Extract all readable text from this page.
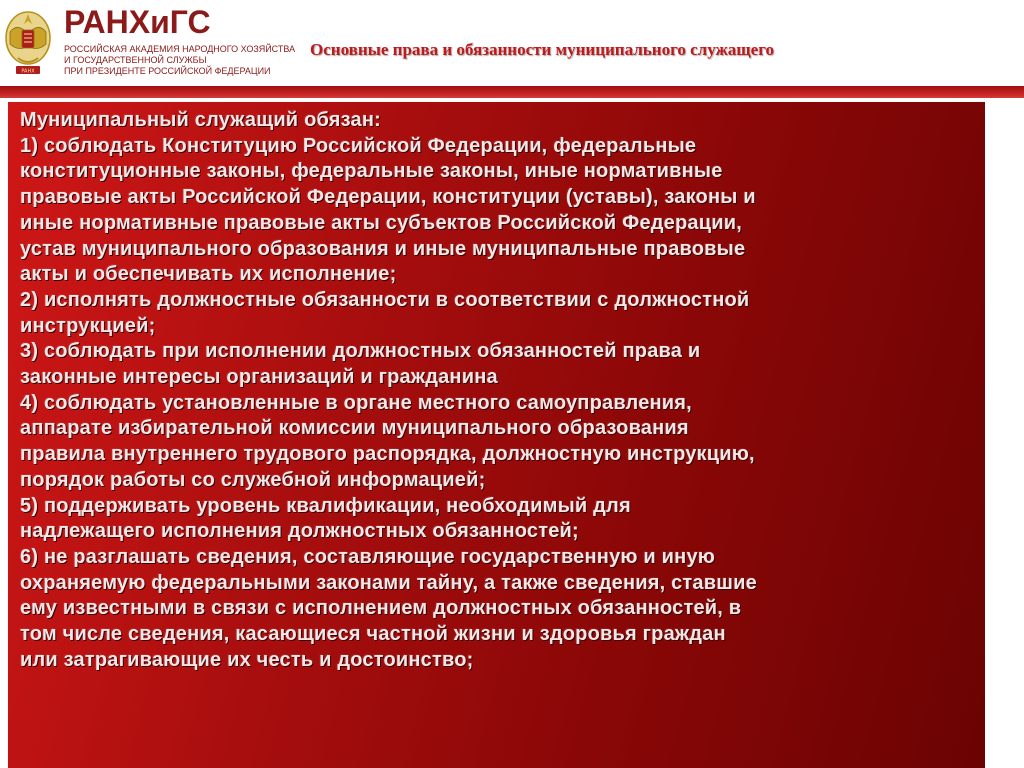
PAHX
РАНХиГС
РОССИЙСКАЯ АКАДЕМИЯ НАРОДНОГО ХОЗЯЙСТВА
И ГОСУДАРСТВЕННОЙ СЛУЖБЫ
ПРИ ПРЕЗИДЕНТЕ РОССИЙСКОЙ ФЕДЕРАЦИИ
Основные права и обязанности муниципального служащего
Муниципальный служащий обязан:
1) соблюдать Конституцию Российской Федерации, федеральные
конституционные законы, федеральные законы, иные нормативные
правовые акты Российской Федерации, конституции (уставы), законы и
иные нормативные правовые акты субъектов Российской Федерации,
устав муниципального образования и иные муниципальные правовые
акты и обеспечивать их исполнение;
2) исполнять должностные обязанности в соответствии с должностной
инструкцией;
3) соблюдать при исполнении должностных обязанностей права и
законные интересы организаций и гражданина
4) соблюдать установленные в органе местного самоуправления,
аппарате избирательной комиссии муниципального образования
правила внутреннего трудового распорядка, должностную инструкцию,
порядок работы со служебной информацией;
5) поддерживать уровень квалификации, необходимый для
надлежащего исполнения должностных обязанностей;
6) не разглашать сведения, составляющие государственную и иную
охраняемую федеральными законами тайну, а также сведения, ставшие
ему известными в связи с исполнением должностных обязанностей, в
том числе сведения, касающиеся частной жизни и здоровья граждан
или затрагивающие их честь и достоинство;
